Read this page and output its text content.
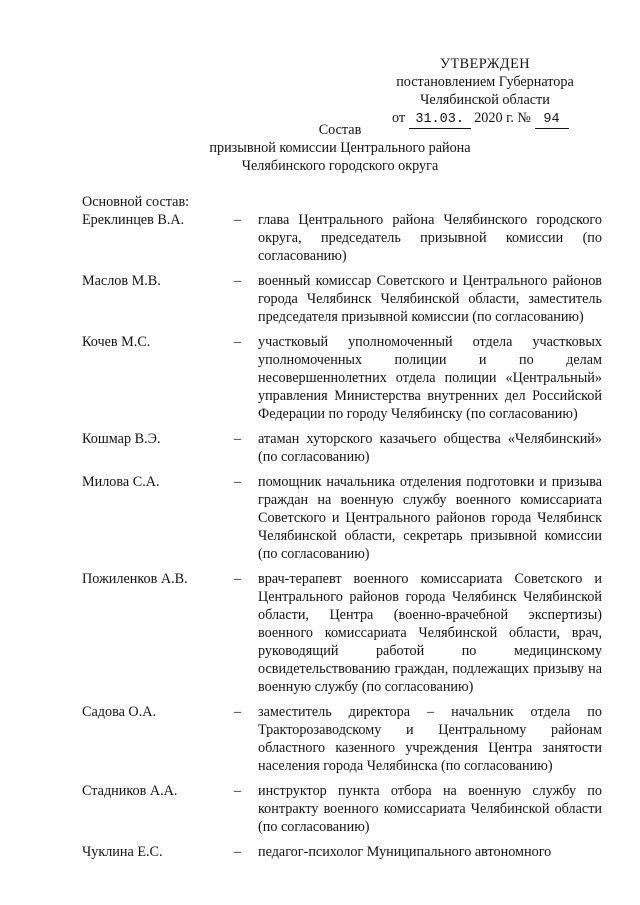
УТВЕРЖДЕН
постановлением Губернатора
Челябинской области
от 31.03. 2020 г. № 94
Состав
призывной комиссии Центрального района
Челябинского городского округа
Основной состав:
Ереклинцев В.А.	–	глава Центрального района Челябинского городского округа, председатель призывной комиссии (по согласованию)
Маслов М.В.	–	военный комиссар Советского и Центрального районов города Челябинск Челябинской области, заместитель председателя призывной комиссии (по согласованию)
Кочев М.С.	–	участковый уполномоченный отдела участковых уполномоченных полиции и по делам несовершеннолетних отдела полиции «Центральный» управления Министерства внутренних дел Российской Федерации по городу Челябинску (по согласованию)
Кошмар В.Э.	–	атаман хуторского казачьего общества «Челябинский» (по согласованию)
Милова С.А.	–	помощник начальника отделения подготовки и призыва граждан на военную службу военного комиссариата Советского и Центрального районов города Челябинск Челябинской области, секретарь призывной комиссии (по согласованию)
Пожиленков А.В.	–	врач-терапевт военного комиссариата Советского и Центрального районов города Челябинск Челябинской области, Центра (военно-врачебной экспертизы) военного комиссариата Челябинской области, врач, руководящий работой по медицинскому освидетельствованию граждан, подлежащих призыву на военную службу (по согласованию)
Садова О.А.	–	заместитель директора – начальник отдела по Тракторозаводскому и Центральному районам областного казенного учреждения Центра занятости населения города Челябинска (по согласованию)
Стадников А.А.	–	инструктор пункта отбора на военную службу по контракту военного комиссариата Челябинской области (по согласованию)
Чуклина Е.С.	–	педагог-психолог Муниципального автономного
